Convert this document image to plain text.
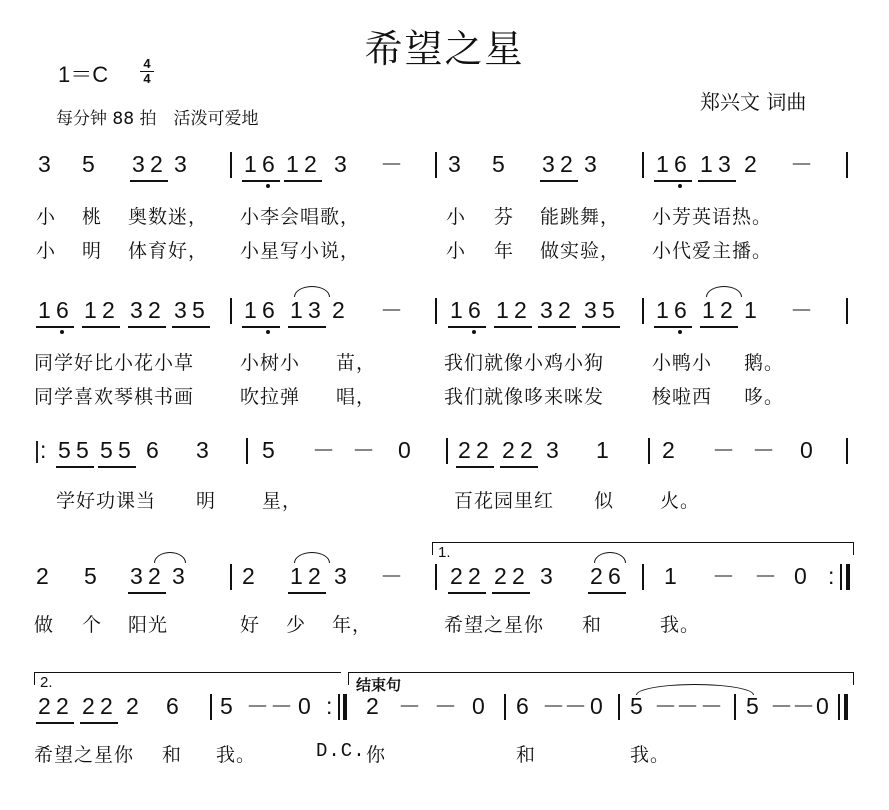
希望之星
1＝C	4
4
每分钟 88 拍　活泼可爱地
郑兴文 词曲
3 5 3 2 3 1 6 1 2 3 － 3 5 3 2 3	1 6 1 3 2 －
小 桃 奥数迷， 小李会唱歌，	小 芬 能跳舞， 小芳英语热。
小 明 体育好， 小星写小说，	小 年 做实验， 小代爱主播。
1 6 1 2 3 2 3 5 1 6 1 3 2 － 1 6 1 2 3 2 3 5 1 6 1 2 1 －
同学好比小花小草 小树小 苗，	我们就像小鸡小狗	小鸭小 鹅。
同学喜欢琴棋书画 吹拉弹 唱，	我们就像哆来咪发	梭啦西 哆。
|: 5 5 5 5 6 3 5 － － 0 2 2 2 2 3 1 2 － － 0
学好功课当 明 星，	百花园里红 似 火。
1.
2 5 3 2 3 2 1 2 3 － 2 2 2 2 3 2 6 1 － － 0 :
做 个 阳光	好 少 年，	希望之星你 和	我。
2.	结束句
2 2 2 2 2 6 5 － － 0 : 2 － － 0 6 － － 0 5 － － － 5 － － 0
希望之星你 和 我。	D.C. 你	和	我。
